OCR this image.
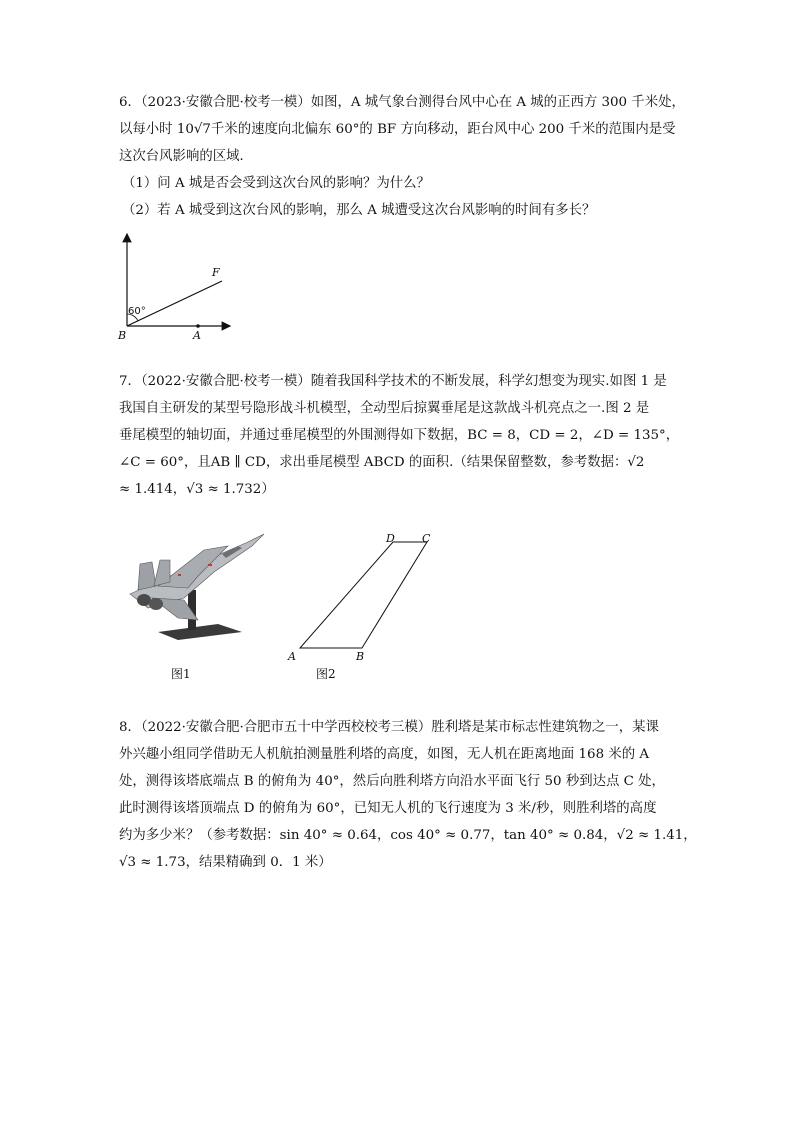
6．（2023·安徽合肥·校考一模）如图，A 城气象台测得台风中心在 A 城的正西方 300 千米处，
以每小时 10√7千米的速度向北偏东 60°的 BF 方向移动，距台风中心 200 千米的范围内是受
这次台风影响的区域．
（1）问 A 城是否会受到这次台风的影响？为什么？
（2）若 A 城受到这次台风的影响，那么 A 城遭受这次台风影响的时间有多长？
60°
B	A
F
7．（2022·安徽合肥·校考一模）随着我国科学技术的不断发展，科学幻想变为现实.如图 1 是
我国自主研发的某型号隐形战斗机模型，全动型后掠翼垂尾是这款战斗机亮点之一.图 2 是
垂尾模型的轴切面，并通过垂尾模型的外围测得如下数据，BC = 8，CD = 2，∠D = 135°，
∠C = 60°，且AB ∥ CD，求出垂尾模型 ABCD 的面积.（结果保留整数，参考数据：√2
≈ 1.414，√3 ≈ 1.732）
图1
A	B
C
D
图2
8．（2022·安徽合肥·合肥市五十中学西校校考三模）胜利塔是某市标志性建筑物之一，某课
外兴趣小组同学借助无人机航拍测量胜利塔的高度，如图，无人机在距离地面 168 米的 A
处，测得该塔底端点 B 的俯角为 40°，然后向胜利塔方向沿水平面飞行 50 秒到达点 C 处，
此时测得该塔顶端点 D 的俯角为 60°，已知无人机的飞行速度为 3 米/秒，则胜利塔的高度
约为多少米？（参考数据：sin 40° ≈ 0.64，cos 40° ≈ 0.77，tan 40° ≈ 0.84，√2 ≈ 1.41，
√3 ≈ 1.73，结果精确到 0．1 米）
